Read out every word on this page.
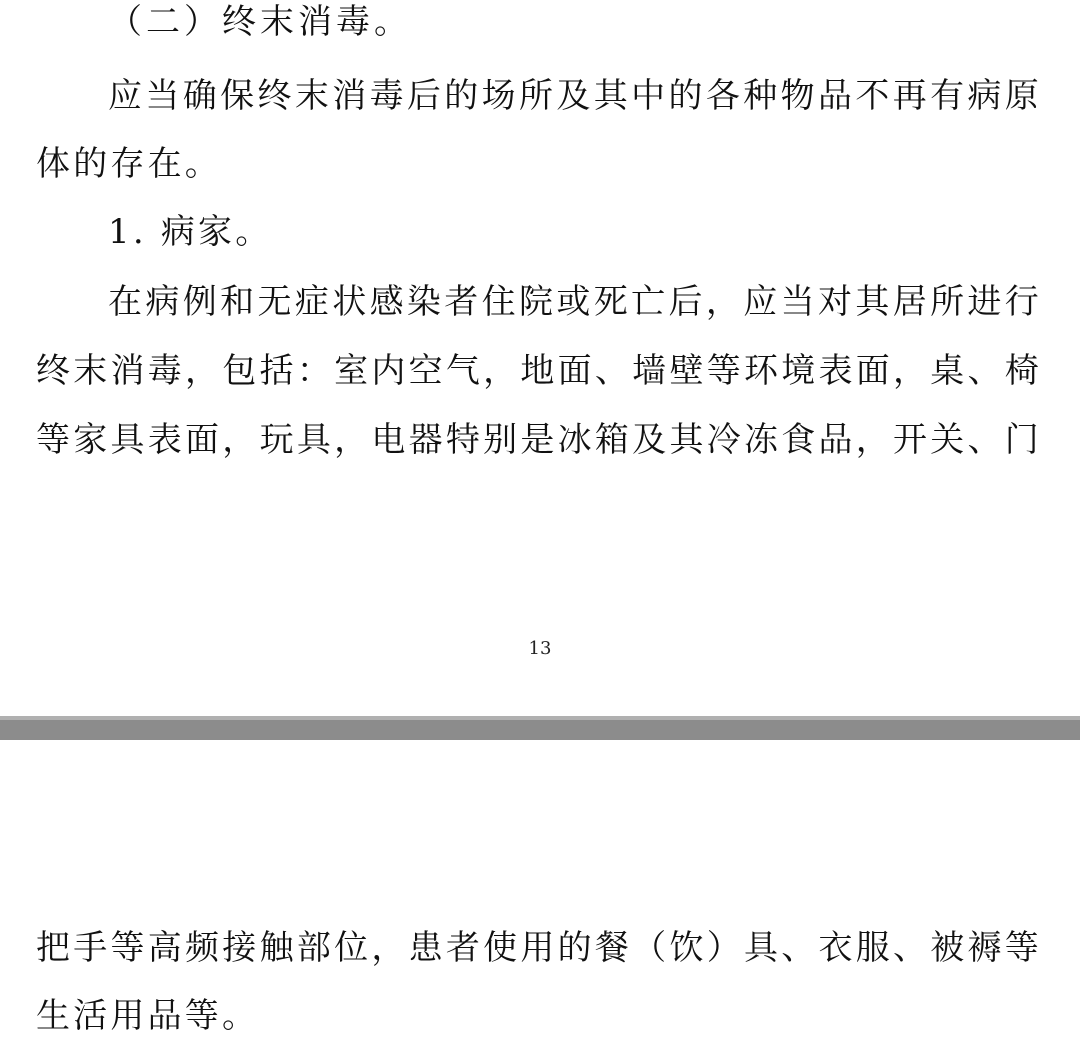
（二）终末消毒。
应当确保终末消毒后的场所及其中的各种物品不再有病原
体的存在。
1. 病家。
在病例和无症状感染者住院或死亡后，应当对其居所进行
终末消毒，包括：室内空气，地面、墙壁等环境表面，桌、椅
等家具表面，玩具，电器特别是冰箱及其冷冻食品，开关、门
13
把手等高频接触部位，患者使用的餐（饮）具、衣服、被褥等
生活用品等。
